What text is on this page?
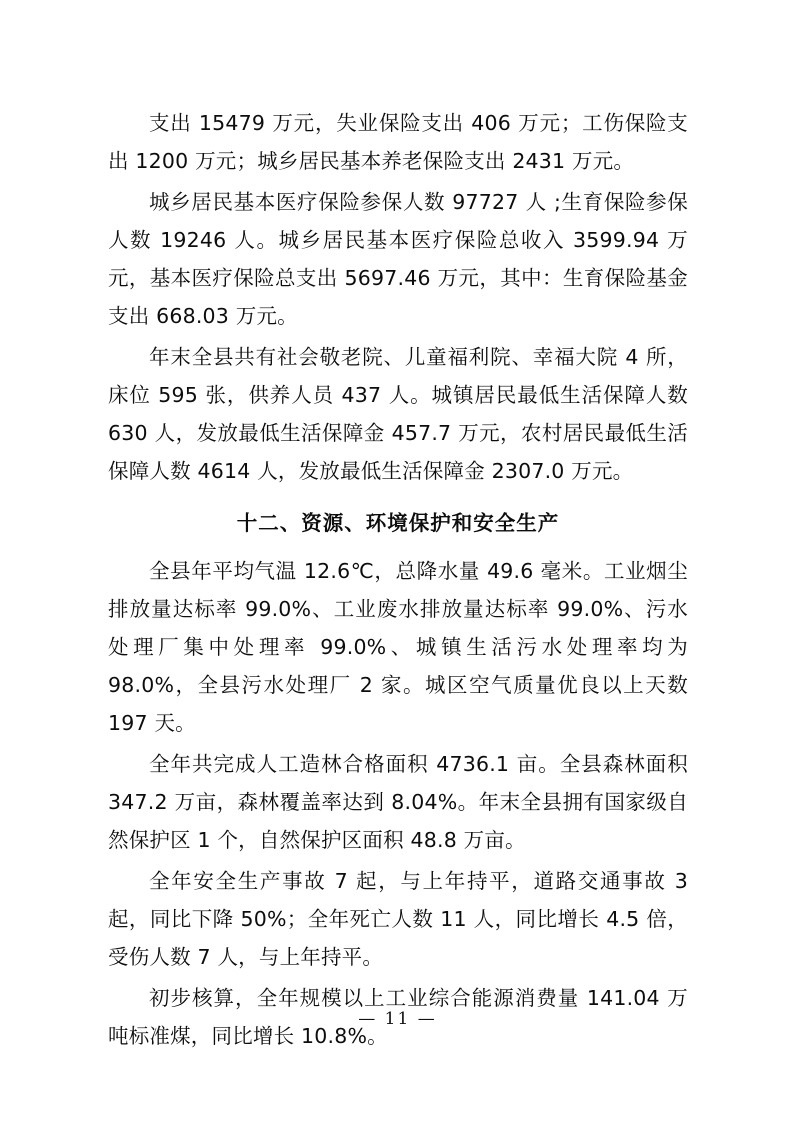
支出 15479 万元，失业保险支出 406 万元；工伤保险支出 1200 万元；城乡居民基本养老保险支出 2431 万元。

城乡居民基本医疗保险参保人数 97727 人 ;生育保险参保人数 19246 人。城乡居民基本医疗保险总收入 3599.94 万元，基本医疗保险总支出 5697.46 万元，其中：生育保险基金支出 668.03 万元。

年末全县共有社会敬老院、儿童福利院、幸福大院 4 所，床位 595 张，供养人员 437 人。城镇居民最低生活保障人数 630 人，发放最低生活保障金 457.7 万元，农村居民最低生活保障人数 4614 人，发放最低生活保障金 2307.0 万元。

十二、资源、环境保护和安全生产

全县年平均气温 12.6℃，总降水量 49.6 毫米。工业烟尘排放量达标率 99.0%、工业废水排放量达标率 99.0%、污水处理厂集中处理率 99.0%、城镇生活污水处理率均为 98.0%，全县污水处理厂 2 家。城区空气质量优良以上天数 197 天。

全年共完成人工造林合格面积 4736.1 亩。全县森林面积 347.2 万亩，森林覆盖率达到 8.04%。年末全县拥有国家级自然保护区 1 个，自然保护区面积 48.8 万亩。

全年安全生产事故 7 起，与上年持平，道路交通事故 3 起，同比下降 50%；全年死亡人数 11 人，同比增长 4.5 倍，受伤人数 7 人，与上年持平。

初步核算，全年规模以上工业综合能源消费量 141.04 万吨标准煤，同比增长 10.8%。

— 11 —
